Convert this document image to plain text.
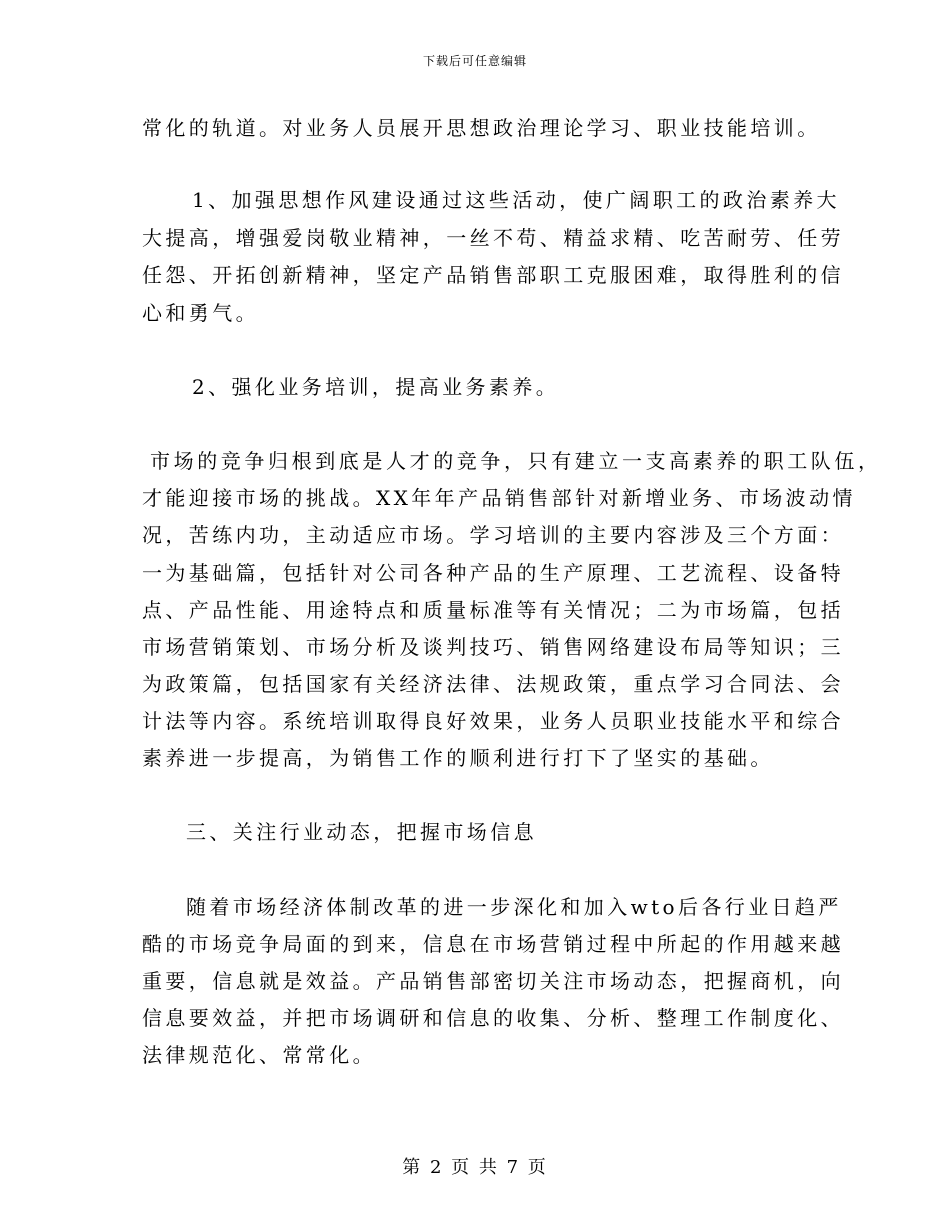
下载后可任意编辑
常化的轨道。对业务人员展开思想政治理论学习、职业技能培训。
1、加强思想作风建设通过这些活动，使广阔职工的政治素养大
大提高，增强爱岗敬业精神，一丝不苟、精益求精、吃苦耐劳、任劳
任怨、开拓创新精神，坚定产品销售部职工克服困难，取得胜利的信
心和勇气。
2、强化业务培训，提高业务素养。
市场的竞争归根到底是人才的竞争，只有建立一支高素养的职工队伍，
才能迎接市场的挑战。XX年年产品销售部针对新增业务、市场波动情
况，苦练内功，主动适应市场。学习培训的主要内容涉及三个方面：
一为基础篇，包括针对公司各种产品的生产原理、工艺流程、设备特
点、产品性能、用途特点和质量标准等有关情况；二为市场篇，包括
市场营销策划、市场分析及谈判技巧、销售网络建设布局等知识；三
为政策篇，包括国家有关经济法律、法规政策，重点学习合同法、会
计法等内容。系统培训取得良好效果，业务人员职业技能水平和综合
素养进一步提高，为销售工作的顺利进行打下了坚实的基础。
三、关注行业动态，把握市场信息
随着市场经济体制改革的进一步深化和加入wto后各行业日趋严
酷的市场竞争局面的到来，信息在市场营销过程中所起的作用越来越
重要，信息就是效益。产品销售部密切关注市场动态，把握商机，向
信息要效益，并把市场调研和信息的收集、分析、整理工作制度化、
法律规范化、常常化。
第 2 页 共 7 页
